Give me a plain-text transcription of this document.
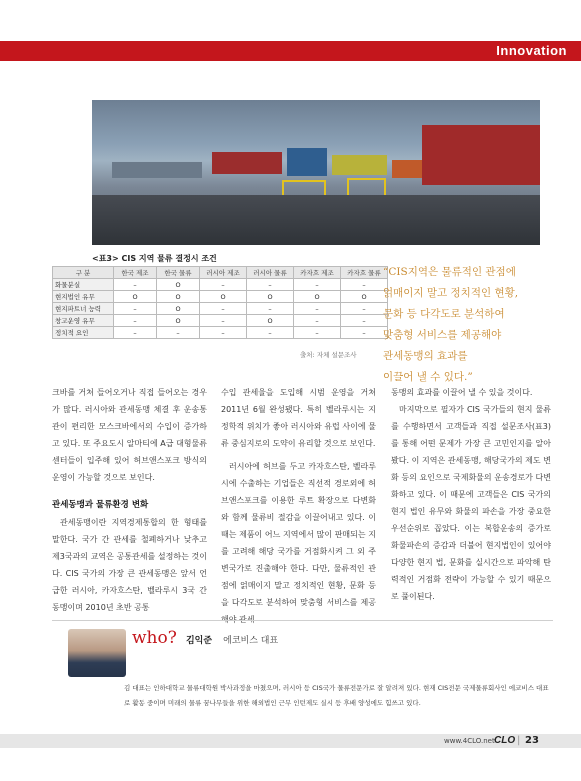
Innovation
<표3> CIS 지역 물류 결정시 조건
구 분	한국 제조	한국 물류	러시아 제조	러시아 물류	카자흐 제조	카자흐 물류
화물분실	–	O	–	–	–	–
현지법인 유무	O	O	O	O	O	O
현지파트너 능력	–	O	–	–	–	–
창고운영 유무	–	O	–	O	–	–
정치적 요인	–	–	–	–	–	–
출처: 자체 설문조사

“CIS지역은 물류적인 관점에

얽매이지 말고 정치적인 현황,

문화 등 다각도로 분석하여

맞춤형 서비스를 제공해야

관세동맹의 효과를

이끌어 낼 수 있다.”

크바를 거쳐 들어오거나 직접 들어오는 경우가 많다. 러시아와 관세동맹 체결 후 운송통관이 편리한 모스크바에서의 수입이 증가하고 있다. 또 주요도시 알마티에 A급 대형물류센터들이 입주해 있어 허브앤스포크 방식의 운영이 가능할 것으로 보인다.

관세동맹과 물류환경 변화

관세동맹이란 지역경제통합의 한 형태를 말한다. 국가 간 관세를 철폐하거나 낮추고 제3국과의 교역은 공통관세를 설정하는 것이다. CIS 국가의 가장 큰 관세동맹은 앞서 언급한 러시아, 카자흐스탄, 벨라루시 3국 간 동맹이며 2010년 초반 공통

수입 관세율을 도입해 시범 운영을 거쳐 2011년 6월 완성됐다. 특히 벨라루시는 지정학적 위치가 좋아 러시아와 유럽 사이에 물류 중심지로의 도약이 유리할 것으로 보인다.

러시아에 허브를 두고 카자흐스탄, 벨라루시에 수출하는 기업들은 직선적 경로외에 허브앤스포크를 이용한 루트 확장으로 다변화와 함께 물류비 절감을 이끌어내고 있다. 이때는 제품이 어느 지역에서 많이 판매되는 지를 고려해 해당 국가를 거점화시켜 그 외 주변국가로 진출해야 한다. 다만, 물류적인 관점에 얽매이지 말고 정치적인 현황, 문화 등을 다각도로 분석하여 맞춤형 서비스를 제공해야 관세

동맹의 효과를 이끌어 낼 수 있을 것이다.

마지막으로 필자가 CIS 국가들의 현지 물류를 수행하면서 고객들과 직접 설문조사(표3)를 통해 어떤 문제가 가장 큰 고민인지를 알아봤다. 이 지역은 관세동맹, 해당국가의 제도 변화 등의 요인으로 국제화물의 운송경로가 다변화하고 있다. 이 때문에 고객들은 CIS 국가의 현지 법인 유무와 화물의 파손을 가장 중요한 우선순위로 꼽았다. 이는 복합운송의 증가로 화물파손의 증감과 더불어 현지법인이 있어야 다양한 현지 법, 문화를 실시간으로 파악해 탄력적인 거점화 전략이 가능할 수 있기 때문으로 풀이된다.

who? 김익준 에코비스 대표
김 대표는 인하대학교 물류대학원 박사과정을 마쳤으며, 러시아 등 CIS국가 물류전문가로 잘 알려져 있다. 현재 CIS전문 국제물류회사인 에코비스 대표로 활동 중이며 미래의 물류 꿈나무들을 위한 해외법인 근무 인턴제도 실시 등 후배 양성에도 힘쓰고 있다.
www.4CLO.net CLO | 23
